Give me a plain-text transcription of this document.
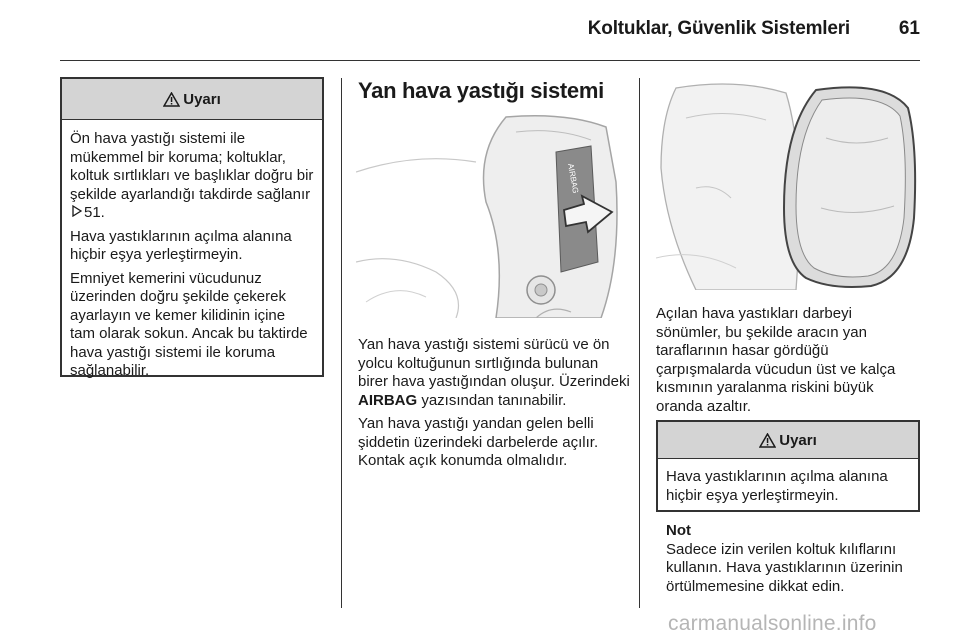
Koltuklar, Güvenlik Sistemleri	61
Uyarı

Ön hava yastığı sistemi ile mükemmel bir koruma; koltuklar, koltuk sırtlıkları ve başlıklar doğru bir şekilde ayarlandığı takdirde sağlanır 51.

Hava yastıklarının açılma alanına hiçbir eşya yerleştirmeyin.

Emniyet kemerini vücudunuz üzerinden doğru şekilde çekerek ayarlayın ve kemer kilidinin içine tam olarak sokun. Ancak bu taktirde hava yastığı sistemi ile koruma sağlanabilir.

Yan hava yastığı sistemi
AIRBAG

Yan hava yastığı sistemi sürücü ve ön yolcu koltuğunun sırtlığında bulunan birer hava yastığından oluşur. Üzerindeki AIRBAG yazısından tanınabilir.

Yan hava yastığı yandan gelen belli şiddetin üzerindeki darbelerde açılır. Kontak açık konumda olmalıdır.

Açılan hava yastıkları darbeyi sönümler, bu şekilde aracın yan taraflarının hasar gördüğü çarpışmalarda vücudun üst ve kalça kısmının yaralanma riskini büyük oranda azaltır.
Uyarı
Hava yastıklarının açılma alanına hiçbir eşya yerleştirmeyin.
Not
Sadece izin verilen koltuk kılıflarını kullanın. Hava yastıklarının üzerinin örtülmemesine dikkat edin.
carmanualsonline.info
